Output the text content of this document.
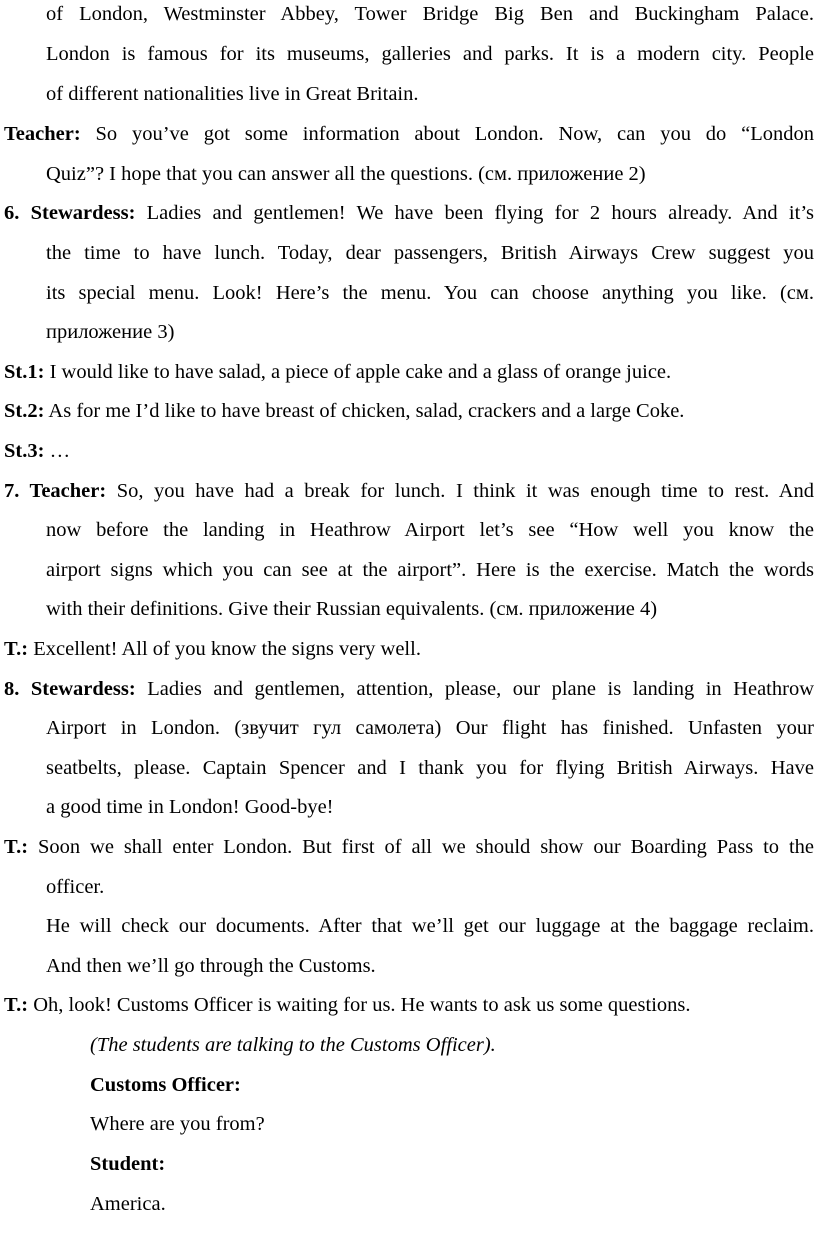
of London, Westminster Abbey, Tower Bridge Big Ben and Buckingham Palace.
London is famous for its museums, galleries and parks. It is a modern city. People
of different nationalities live in Great Britain.
Teacher: So you’ve got some information about London. Now, can you do “London
Quiz”? I hope that you can answer all the questions. (см. приложение 2)
6. Stewardess: Ladies and gentlemen! We have been flying for 2 hours already. And it’s
the time to have lunch. Today, dear passengers, British Airways Crew suggest you
its special menu. Look! Here’s the menu. You can choose anything you like. (см.
приложение 3)
St.1: I would like to have salad, a piece of apple cake and a glass of orange juice.
St.2: As for me I’d like to have breast of chicken, salad, crackers and a large Coke.
St.3: …
7. Teacher: So, you have had a break for lunch. I think it was enough time to rest. And
now before the landing in Heathrow Airport let’s see “How well you know the
airport signs which you can see at the airport”. Here is the exercise. Match the words
with their definitions. Give their Russian equivalents. (см. приложение 4)
T.: Excellent! All of you know the signs very well.
8. Stewardess: Ladies and gentlemen, attention, please, our plane is landing in Heathrow
Airport in London. (звучит гул самолета) Our flight has finished. Unfasten your
seatbelts, please. Captain Spencer and I thank you for flying British Airways. Have
a good time in London! Good-bye!
T.: Soon we shall enter London. But first of all we should show our Boarding Pass to the
officer.
He will check our documents. After that we’ll get our luggage at the baggage reclaim.
And then we’ll go through the Customs.
T.: Oh, look! Customs Officer is waiting for us. He wants to ask us some questions.
(The students are talking to the Customs Officer).
Customs Officer:
Where are you from?
Student:
America.
